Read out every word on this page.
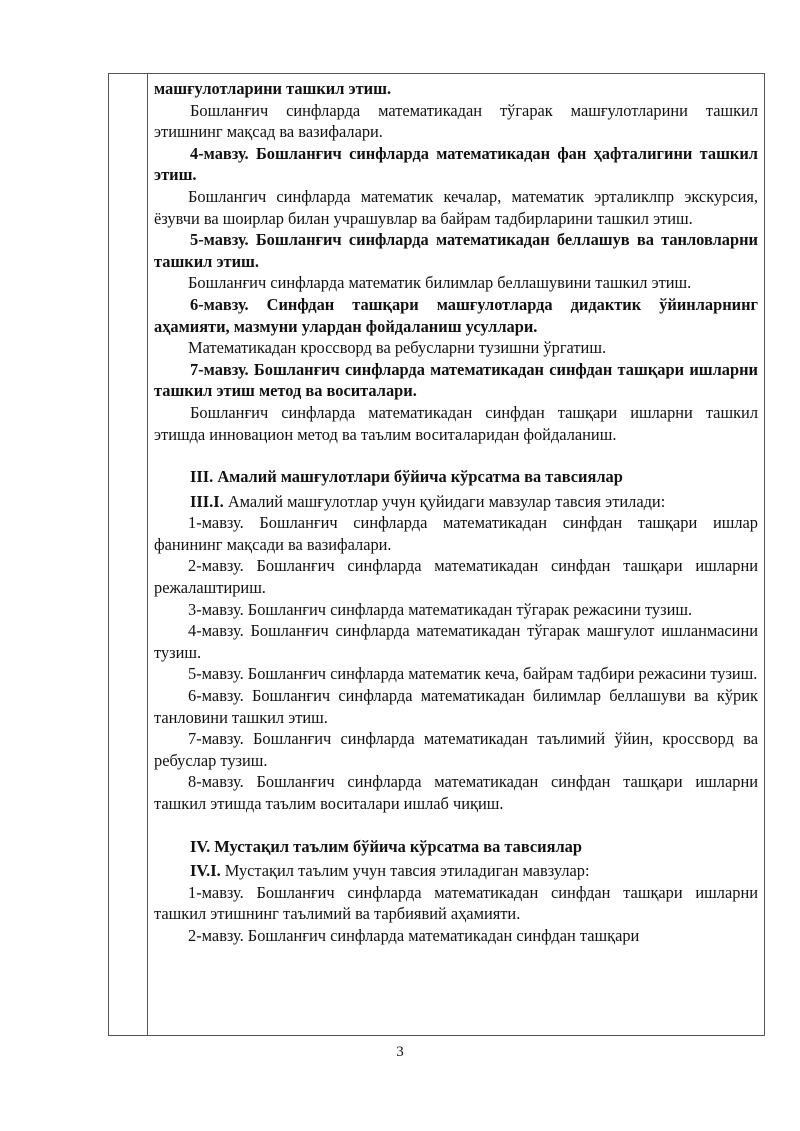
машғулотларини ташкил этиш.

Бошланғич синфларда математикадан тўгарак машғулотларини ташкил этишнинг мақсад ва вазифалари.

4-мавзу. Бошланғич синфларда математикадан фан ҳафталигини ташкил этиш.

Бошлангич синфларда математик кечалар, математик эрталиклпр экскурсия, ёзувчи ва шоирлар билан учрашувлар ва байрам тадбирларини ташкил этиш.

5-мавзу. Бошланғич синфларда математикадан беллашув ва танловларни ташкил этиш.

Бошланғич синфларда математик билимлар беллашувини ташкил этиш.

6-мавзу. Синфдан ташқари машғулотларда дидактик ўйинларнинг аҳамияти, мазмуни улардан фойдаланиш усуллари.

Математикадан кроссворд ва ребусларни тузишни ўргатиш.

7-мавзу. Бошланғич синфларда математикадан синфдан ташқари ишларни ташкил этиш метод ва воситалари.

Бошланғич синфларда математикадан синфдан ташқари ишларни ташкил этишда инновацион метод ва таълим воситаларидан фойдаланиш.

III. Амалий машғулотлари бўйича кўрсатма ва тавсиялар

III.I. Амалий машғулотлар учун қуйидаги мавзулар тавсия этилади:

1-мавзу. Бошланғич синфларда математикадан синфдан ташқари ишлар фанининг мақсади ва вазифалари.

2-мавзу. Бошланғич синфларда математикадан синфдан ташқари ишларни режалаштириш.

3-мавзу. Бошланғич синфларда математикадан тўгарак режасини тузиш.

4-мавзу. Бошланғич синфларда математикадан тўгарак машғулот ишланмасини тузиш.

5-мавзу. Бошланғич синфларда математик кеча, байрам тадбири режасини тузиш.

6-мавзу. Бошланғич синфларда математикадан билимлар беллашуви ва кўрик танловини ташкил этиш.

7-мавзу. Бошланғич синфларда математикадан таълимий ўйин, кроссворд ва ребуслар тузиш.

8-мавзу. Бошланғич синфларда математикадан синфдан ташқари ишларни ташкил этишда таълим воситалари ишлаб чиқиш.

IV. Мустақил таълим бўйича кўрсатма ва тавсиялар

IV.I. Мустақил таълим учун тавсия этиладиган мавзулар:

1-мавзу. Бошланғич синфларда математикадан синфдан ташқари ишларни ташкил этишнинг таълимий ва тарбиявий аҳамияти.

2-мавзу. Бошланғич синфларда математикадан синфдан ташқари

3
